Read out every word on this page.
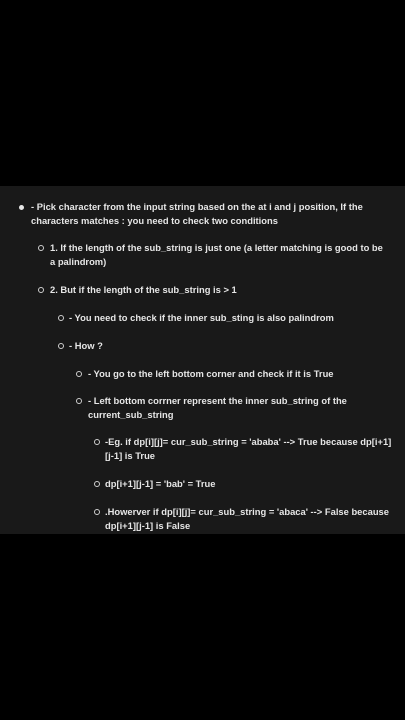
- Pick character from the input string based on the at i and j position, If the characters matches : you need to check two conditions
1. If the length of the sub_string is just one (a letter matching is good to be a palindrom)
2. But if the length of the sub_string is > 1
- You need to check if the inner sub_sting is also palindrom
- How ?
- You go to the left bottom corner and check if it is True
- Left bottom corrner represent the inner sub_string of the current_sub_string
-Eg. if dp[i][j]= cur_sub_string = 'ababa' --> True because dp[i+1][j-1] is True
dp[i+1][j-1] = 'bab' = True
.Howerver if dp[i][j]= cur_sub_string = 'abaca' --> False because dp[i+1][j-1] is False
